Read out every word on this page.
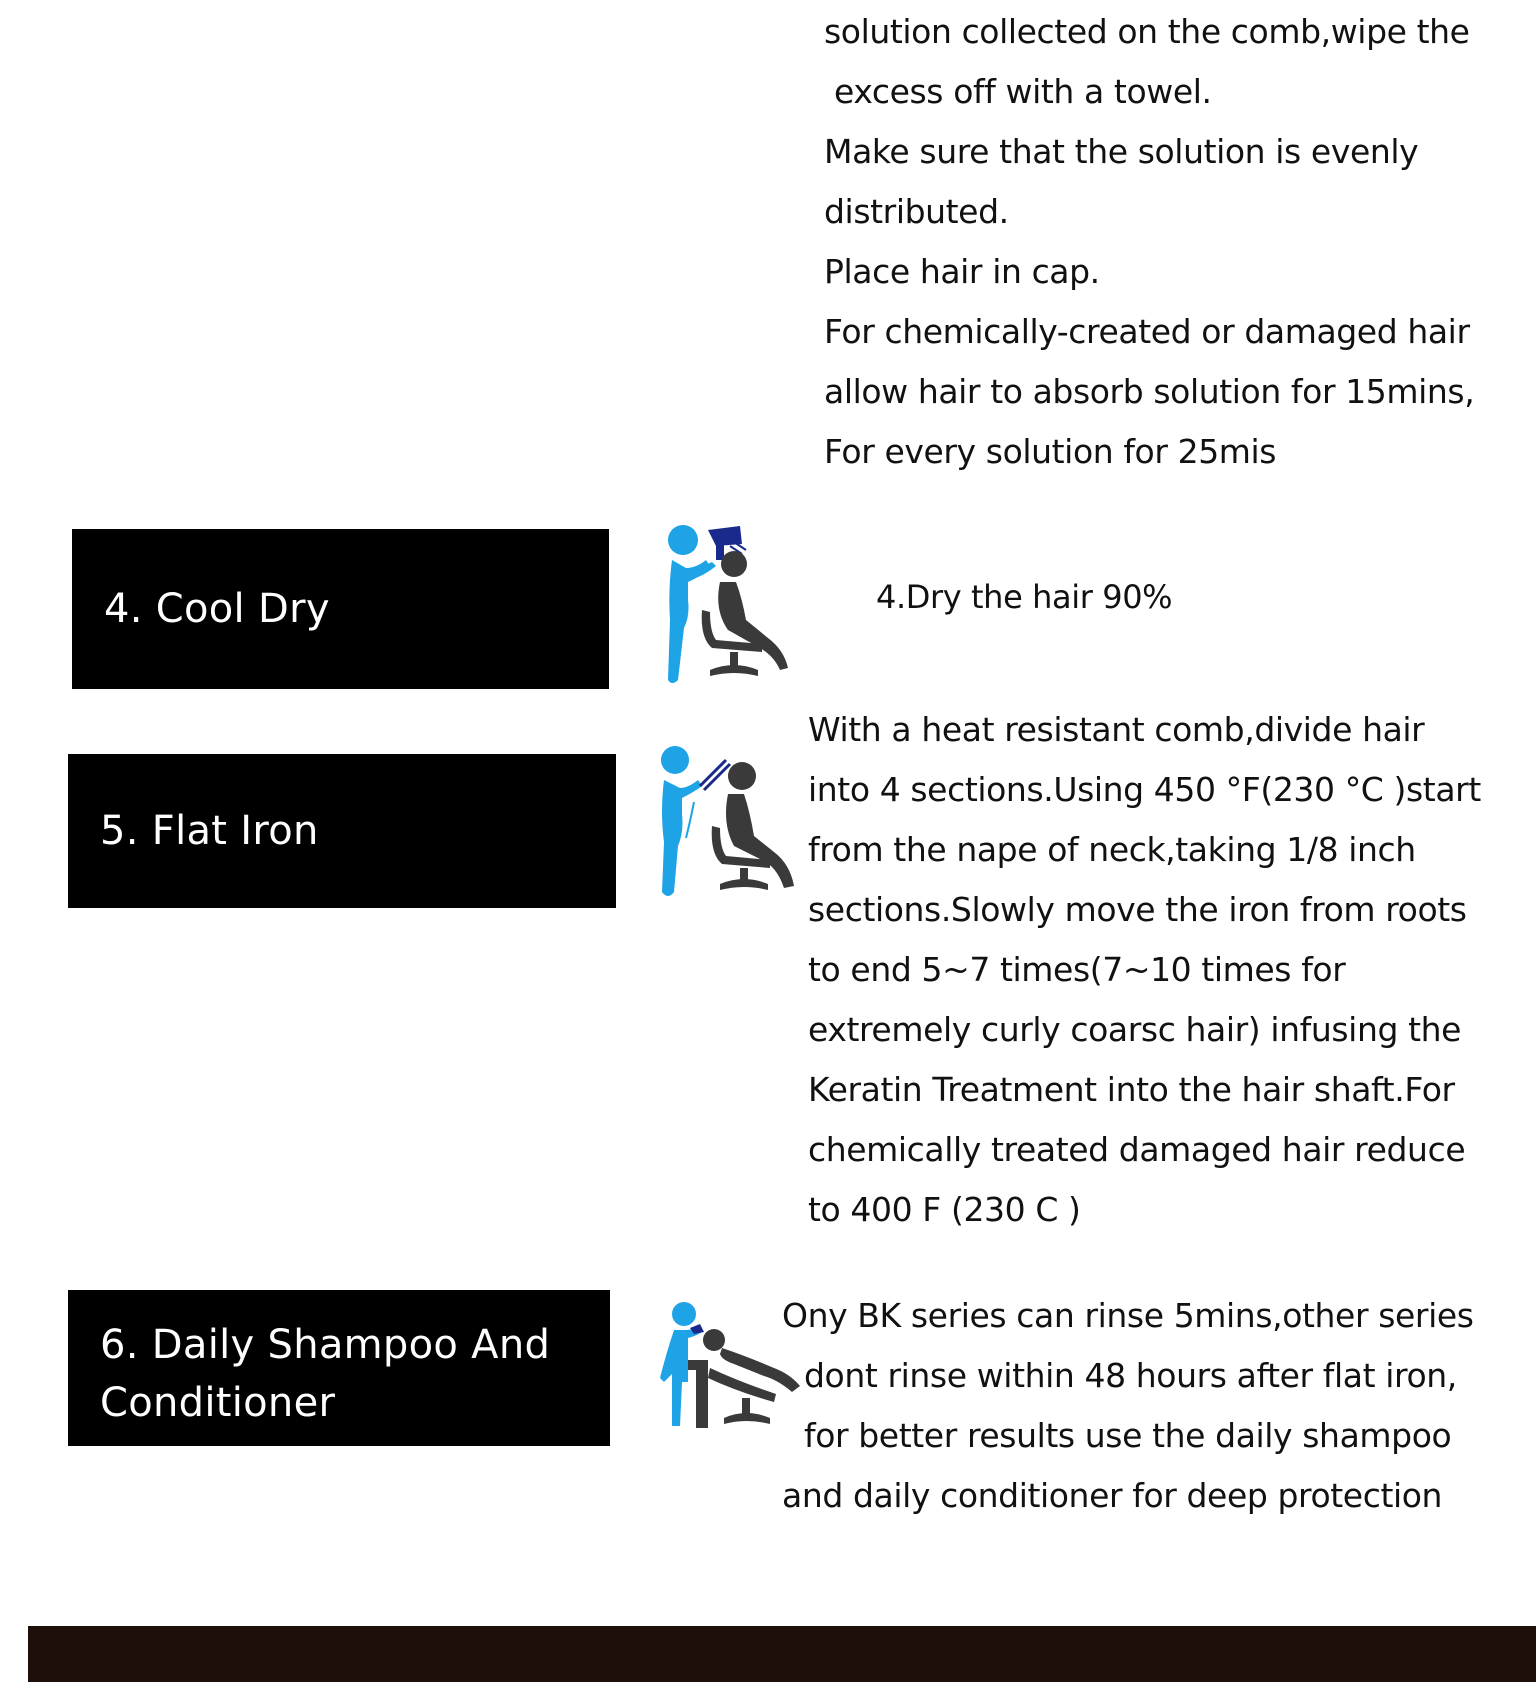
solution collected on the comb,wipe the
excess off with a towel.
Make sure that the solution is evenly
distributed.
Place hair in cap.
For chemically-created or damaged hair
allow hair to absorb solution for 15mins,
For every solution for 25mis
4. Cool Dry	4.Dry the hair 90%
5. Flat Iron
With a heat resistant comb,divide hair
into 4 sections.Using 450 °F(230 °C )start
from the nape of neck,taking 1/8 inch
sections.Slowly move the iron from roots
to end 5~7 times(7~10 times for
extremely curly coarsc hair) infusing the
Keratin Treatment into the hair shaft.For
chemically treated damaged hair reduce
to 400 F (230 C )
6. Daily Shampoo And
Conditioner
Ony BK series can rinse 5mins,other series
dont rinse within 48 hours after flat iron,
for better results use the daily shampoo
and daily conditioner for deep protection
